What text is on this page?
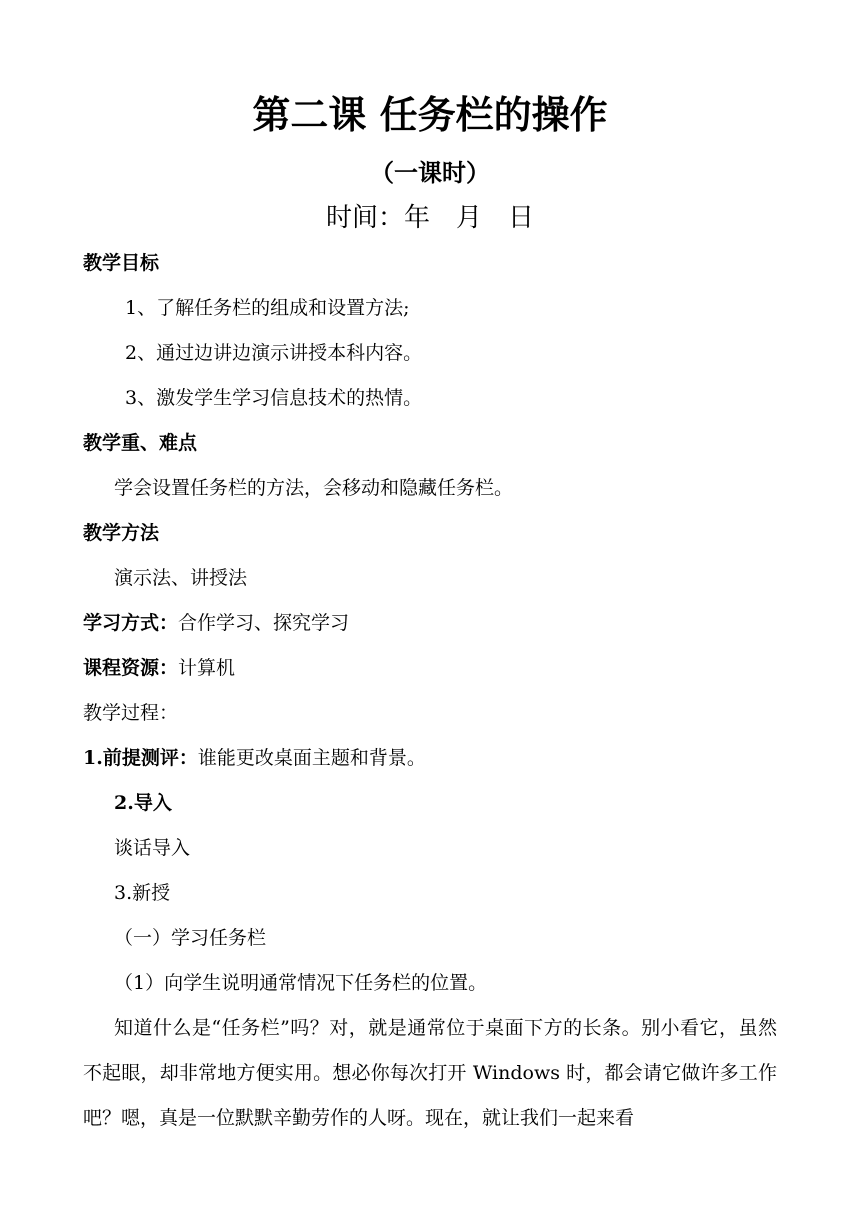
第二课 任务栏的操作
（一课时）
时间：年 月 日
教学目标
1、了解任务栏的组成和设置方法;
2、通过边讲边演示讲授本科内容。
3、激发学生学习信息技术的热情。
教学重、难点
学会设置任务栏的方法，会移动和隐藏任务栏。
教学方法
演示法、讲授法
学习方式：合作学习、探究学习
课程资源：计算机
教学过程：
1.前提测评：谁能更改桌面主题和背景。
2.导入
谈话导入
3.新授
（一）学习任务栏
（1）向学生说明通常情况下任务栏的位置。
知道什么是“任务栏”吗？对，就是通常位于桌面下方的长条。别小看它，虽然不起眼，却非常地方便实用。想必你每次打开 Windows 时，都会请它做许多工作吧？嗯，真是一位默默辛勤劳作的人呀。现在，就让我们一起来看
